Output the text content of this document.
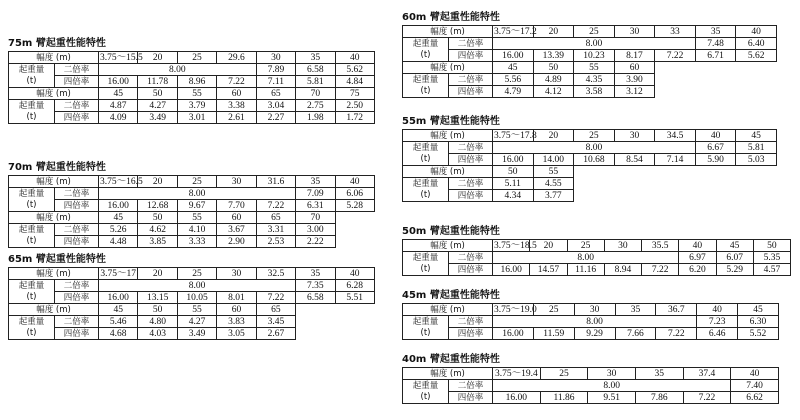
75m 臂起重性能特性
幅度 (m)		3.75～15.5	20	25	29.6	30	35	40
起重量	二倍率	8.00				7.89	6.58	5.62
(t)	四倍率	16.00	11.78	8.96	7.22	7.11	5.81	4.84
幅度 (m)		45	50	55	60	65	70	75
起重量	二倍率	4.87	4.27	3.79	3.38	3.04	2.75	2.50
(t)	四倍率	4.09	3.49	3.01	2.61	2.27	1.98	1.72
70m 臂起重性能特性
幅度 (m)		3.75～16.5	20	25	30	31.6	35	40
起重量	二倍率	8.00					7.09	6.06
(t)	四倍率	16.00	12.68	9.67	7.70	7.22	6.31	5.28
幅度 (m)		45	50	55	60	65	70	
起重量	二倍率	5.26	4.62	4.10	3.67	3.31	3.00	
(t)	四倍率	4.48	3.85	3.33	2.90	2.53	2.22	
65m 臂起重性能特性
幅度 (m)		3.75～17	20	25	30	32.5	35	40
起重量	二倍率	8.00					7.35	6.28
(t)	四倍率	16.00	13.15	10.05	8.01	7.22	6.58	5.51
幅度 (m)		45	50	55	60	65		
起重量	二倍率	5.46	4.80	4.27	3.83	3.45		
(t)	四倍率	4.68	4.03	3.49	3.05	2.67		
60m 臂起重性能特性
幅度 (m)		3.75～17.2	20	25	30	33	35	40
起重量	二倍率	8.00					7.48	6.40
(t)	四倍率	16.00	13.39	10.23	8.17	7.22	6.71	5.62
幅度 (m)		45	50	55	60			
起重量	二倍率	5.56	4.89	4.35	3.90			
(t)	四倍率	4.79	4.12	3.58	3.12			
55m 臂起重性能特性
幅度 (m)		3.75～17.8	20	25	30	34.5	40	45
起重量	二倍率	8.00					6.67	5.81
(t)	四倍率	16.00	14.00	10.68	8.54	7.14	5.90	5.03
幅度 (m)		50	55					
起重量	二倍率	5.11	4.55					
(t)	四倍率	4.34	3.77					
50m 臂起重性能特性
幅度 (m)		3.75～18.5	20	25	30	35.5	40	45	50
起重量	二倍率	8.00					6.97	6.07	5.35
(t)	四倍率	16.00	14.57	11.16	8.94	7.22	6.20	5.29	4.57
45m 臂起重性能特性
幅度 (m)		3.75～19.0	25	30	35	36.7	40	45
起重量	二倍率	8.00					7.23	6.30
(t)	四倍率	16.00	11.59	9.29	7.66	7.22	6.46	5.52
40m 臂起重性能特性
幅度 (m)		3.75～19.4	25	30	35	37.4	40
起重量	二倍率	8.00					7.40
(t)	四倍率	16.00	11.86	9.51	7.86	7.22	6.62
